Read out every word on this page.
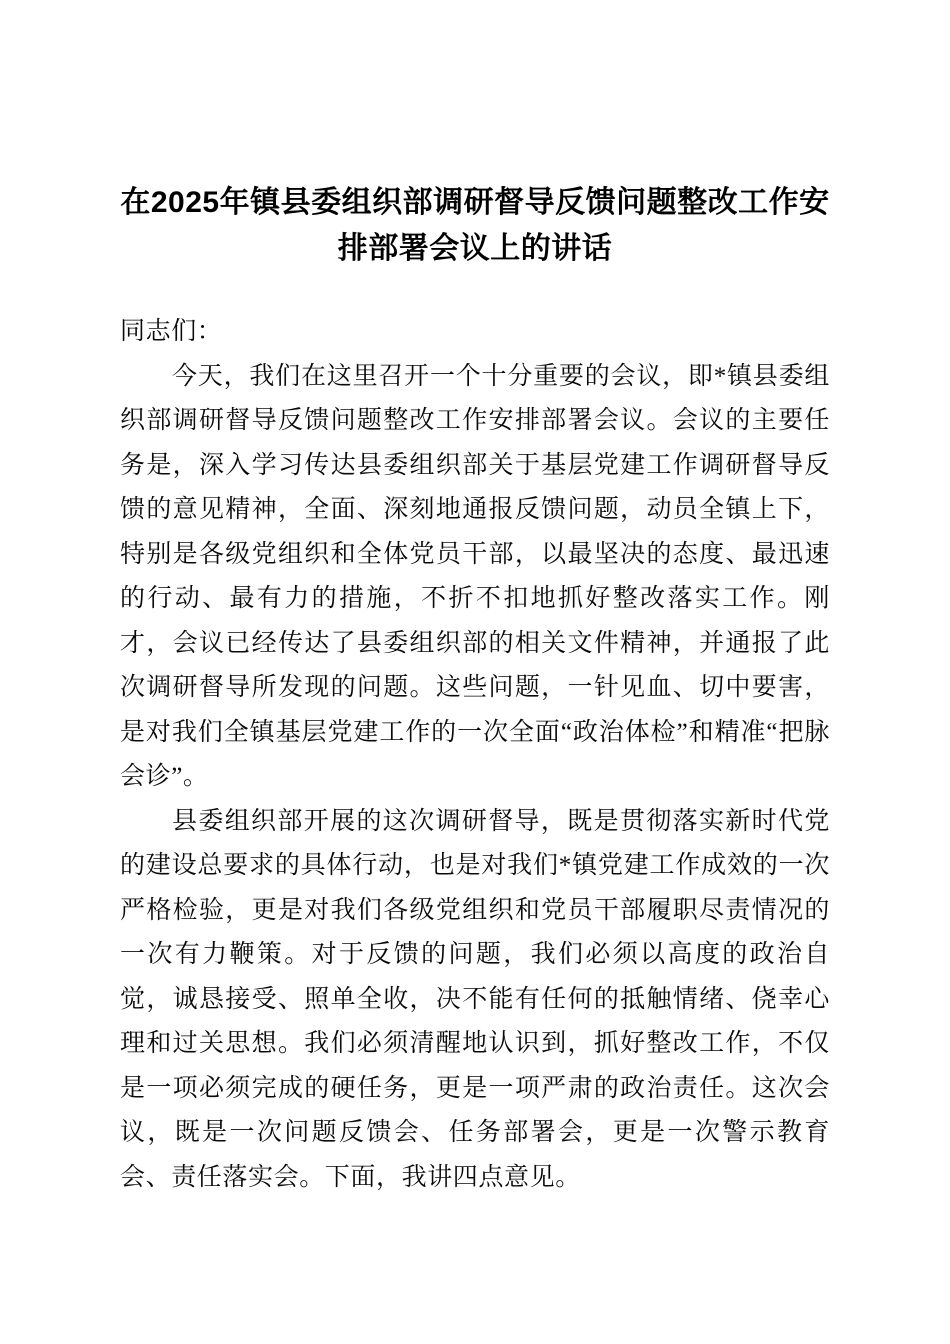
在2025年镇县委组织部调研督导反馈问题整改工作安排部署会议上的讲话

同志们：

今天，我们在这里召开一个十分重要的会议，即*镇县委组织部调研督导反馈问题整改工作安排部署会议。会议的主要任务是，深入学习传达县委组织部关于基层党建工作调研督导反馈的意见精神，全面、深刻地通报反馈问题，动员全镇上下，特别是各级党组织和全体党员干部，以最坚决的态度、最迅速的行动、最有力的措施，不折不扣地抓好整改落实工作。刚才，会议已经传达了县委组织部的相关文件精神，并通报了此次调研督导所发现的问题。这些问题，一针见血、切中要害，是对我们全镇基层党建工作的一次全面“政治体检”和精准“把脉会诊”。

县委组织部开展的这次调研督导，既是贯彻落实新时代党的建设总要求的具体行动，也是对我们*镇党建工作成效的一次严格检验，更是对我们各级党组织和党员干部履职尽责情况的一次有力鞭策。对于反馈的问题，我们必须以高度的政治自觉，诚恳接受、照单全收，决不能有任何的抵触情绪、侥幸心理和过关思想。我们必须清醒地认识到，抓好整改工作，不仅是一项必须完成的硬任务，更是一项严肃的政治责任。这次会议，既是一次问题反馈会、任务部署会，更是一次警示教育会、责任落实会。下面，我讲四点意见。
